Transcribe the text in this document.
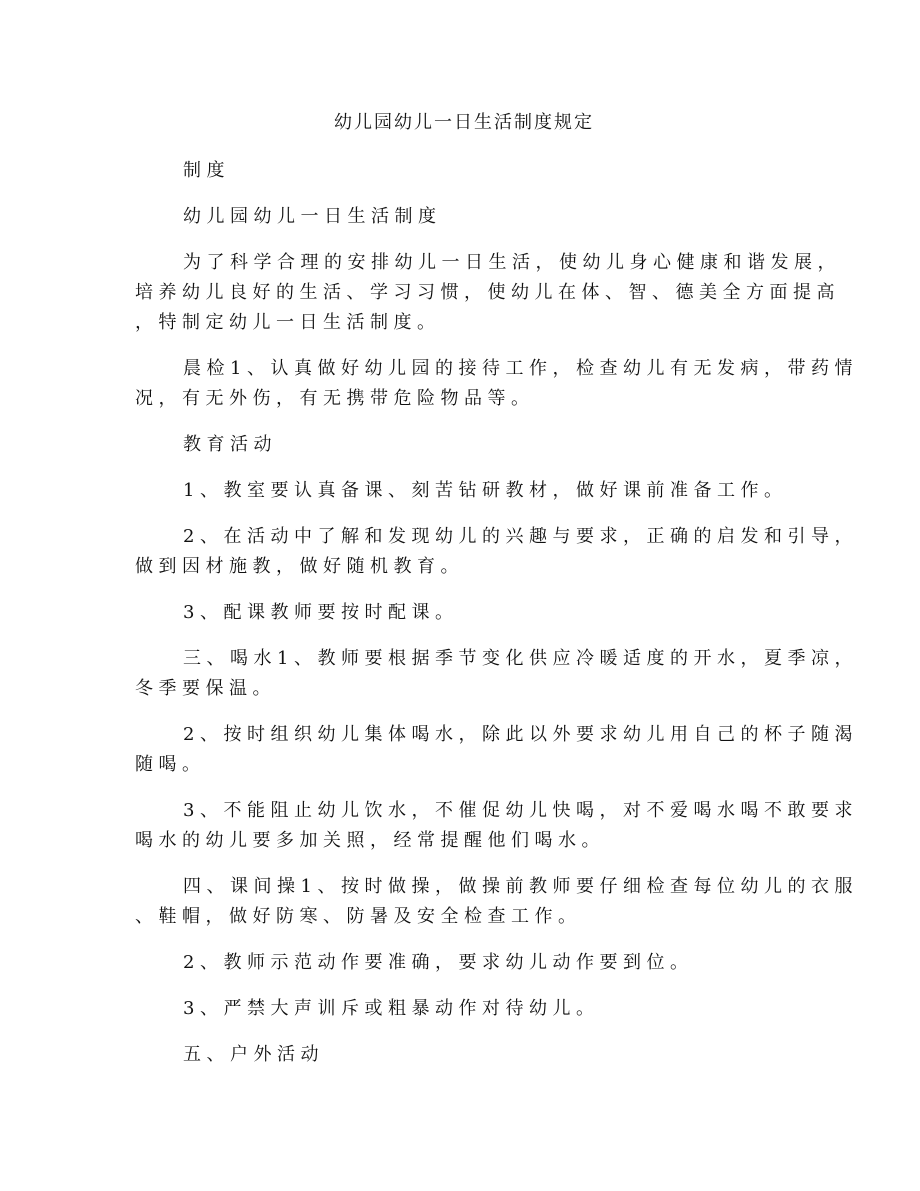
幼儿园幼儿一日生活制度规定
制度
幼儿园幼儿一日生活制度
为了科学合理的安排幼儿一日生活，使幼儿身心健康和谐发展，
培养幼儿良好的生活、学习习惯，使幼儿在体、智、德美全方面提高
，特制定幼儿一日生活制度。
晨检1、认真做好幼儿园的接待工作，检查幼儿有无发病，带药情
况，有无外伤，有无携带危险物品等。
教育活动
1、教室要认真备课、刻苦钻研教材，做好课前准备工作。
2、在活动中了解和发现幼儿的兴趣与要求，正确的启发和引导，
做到因材施教，做好随机教育。
3、配课教师要按时配课。
三、喝水1、教师要根据季节变化供应冷暖适度的开水，夏季凉，
冬季要保温。
2、按时组织幼儿集体喝水，除此以外要求幼儿用自己的杯子随渴
随喝。
3、不能阻止幼儿饮水，不催促幼儿快喝，对不爱喝水喝不敢要求
喝水的幼儿要多加关照，经常提醒他们喝水。
四、课间操1、按时做操，做操前教师要仔细检查每位幼儿的衣服
、鞋帽，做好防寒、防暑及安全检查工作。
2、教师示范动作要准确，要求幼儿动作要到位。
3、严禁大声训斥或粗暴动作对待幼儿。
五、户外活动
